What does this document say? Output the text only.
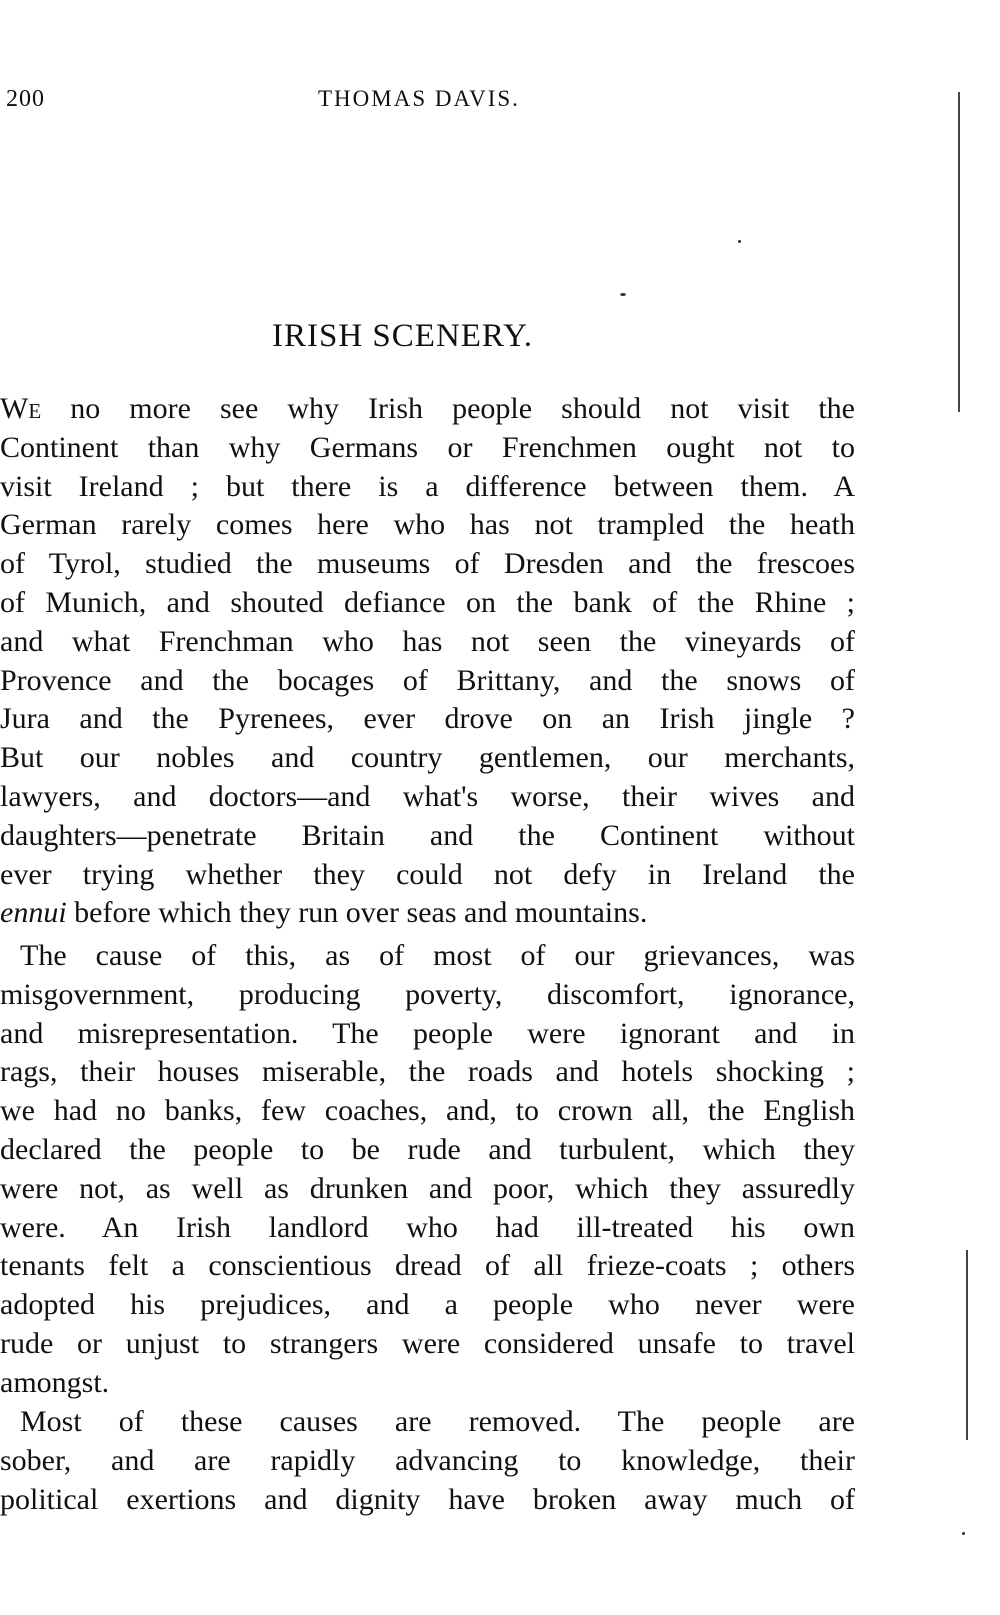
200	THOMAS DAVIS.
IRISH SCENERY.
We no more see why Irish people should not visit the
Continent than why Germans or Frenchmen ought not to
visit Ireland ; but there is a difference between them. A
German rarely comes here who has not trampled the heath
of Tyrol, studied the museums of Dresden and the frescoes
of Munich, and shouted defiance on the bank of the Rhine ;
and what Frenchman who has not seen the vineyards of
Provence and the bocages of Brittany, and the snows of
Jura and the Pyrenees, ever drove on an Irish jingle ?
But our nobles and country gentlemen, our merchants,
lawyers, and doctors—and what's worse, their wives and
daughters—penetrate Britain and the Continent without
ever trying whether they could not defy in Ireland the
ennui before which they run over seas and mountains.
The cause of this, as of most of our grievances, was
misgovernment, producing poverty, discomfort, ignorance,
and misrepresentation. The people were ignorant and in
rags, their houses miserable, the roads and hotels shocking ;
we had no banks, few coaches, and, to crown all, the English
declared the people to be rude and turbulent, which they
were not, as well as drunken and poor, which they assuredly
were. An Irish landlord who had ill-treated his own
tenants felt a conscientious dread of all frieze-coats ; others
adopted his prejudices, and a people who never were
rude or unjust to strangers were considered unsafe to travel
amongst.
Most of these causes are removed. The people are
sober, and are rapidly advancing to knowledge, their
political exertions and dignity have broken away much of
